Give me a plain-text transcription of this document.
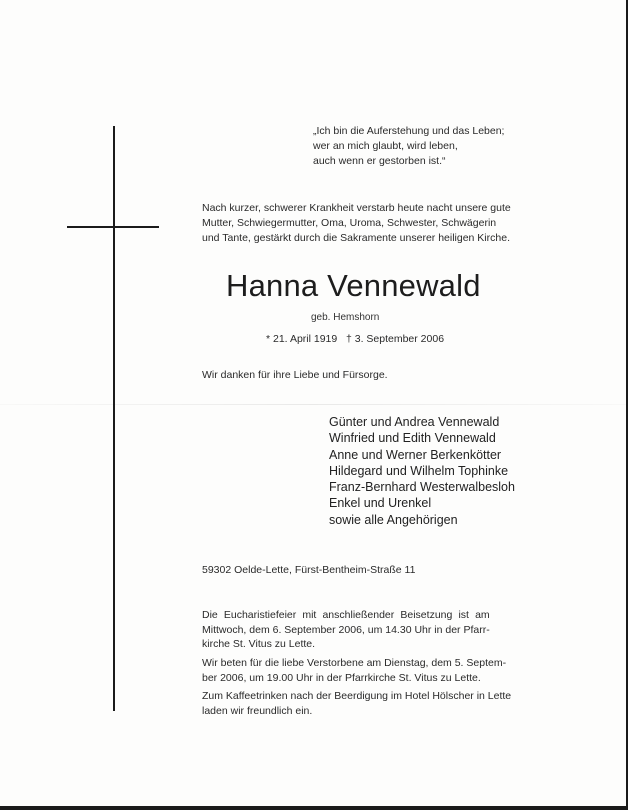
„Ich bin die Auferstehung und das Leben;
wer an mich glaubt, wird leben,
auch wenn er gestorben ist.“
Nach kurzer, schwerer Krankheit verstarb heute nacht unsere gute
Mutter, Schwiegermutter, Oma, Uroma, Schwester, Schwägerin
und Tante, gestärkt durch die Sakramente unserer heiligen Kirche.
Hanna Vennewald
geb. Hemshorn
* 21. April 1919   † 3. September 2006
Wir danken für ihre Liebe und Fürsorge.
Günter und Andrea Vennewald
Winfried und Edith Vennewald
Anne und Werner Berkenkötter
Hildegard und Wilhelm Tophinke
Franz-Bernhard Westerwalbesloh
Enkel und Urenkel
sowie alle Angehörigen
59302 Oelde-Lette, Fürst-Bentheim-Straße 11
Die Eucharistiefeier mit anschließender Beisetzung ist am
Mittwoch, dem 6. September 2006, um 14.30 Uhr in der Pfarr-
kirche St. Vitus zu Lette.
Wir beten für die liebe Verstorbene am Dienstag, dem 5. Septem-
ber 2006, um 19.00 Uhr in der Pfarrkirche St. Vitus zu Lette.
Zum Kaffeetrinken nach der Beerdigung im Hotel Hölscher in Lette
laden wir freundlich ein.
